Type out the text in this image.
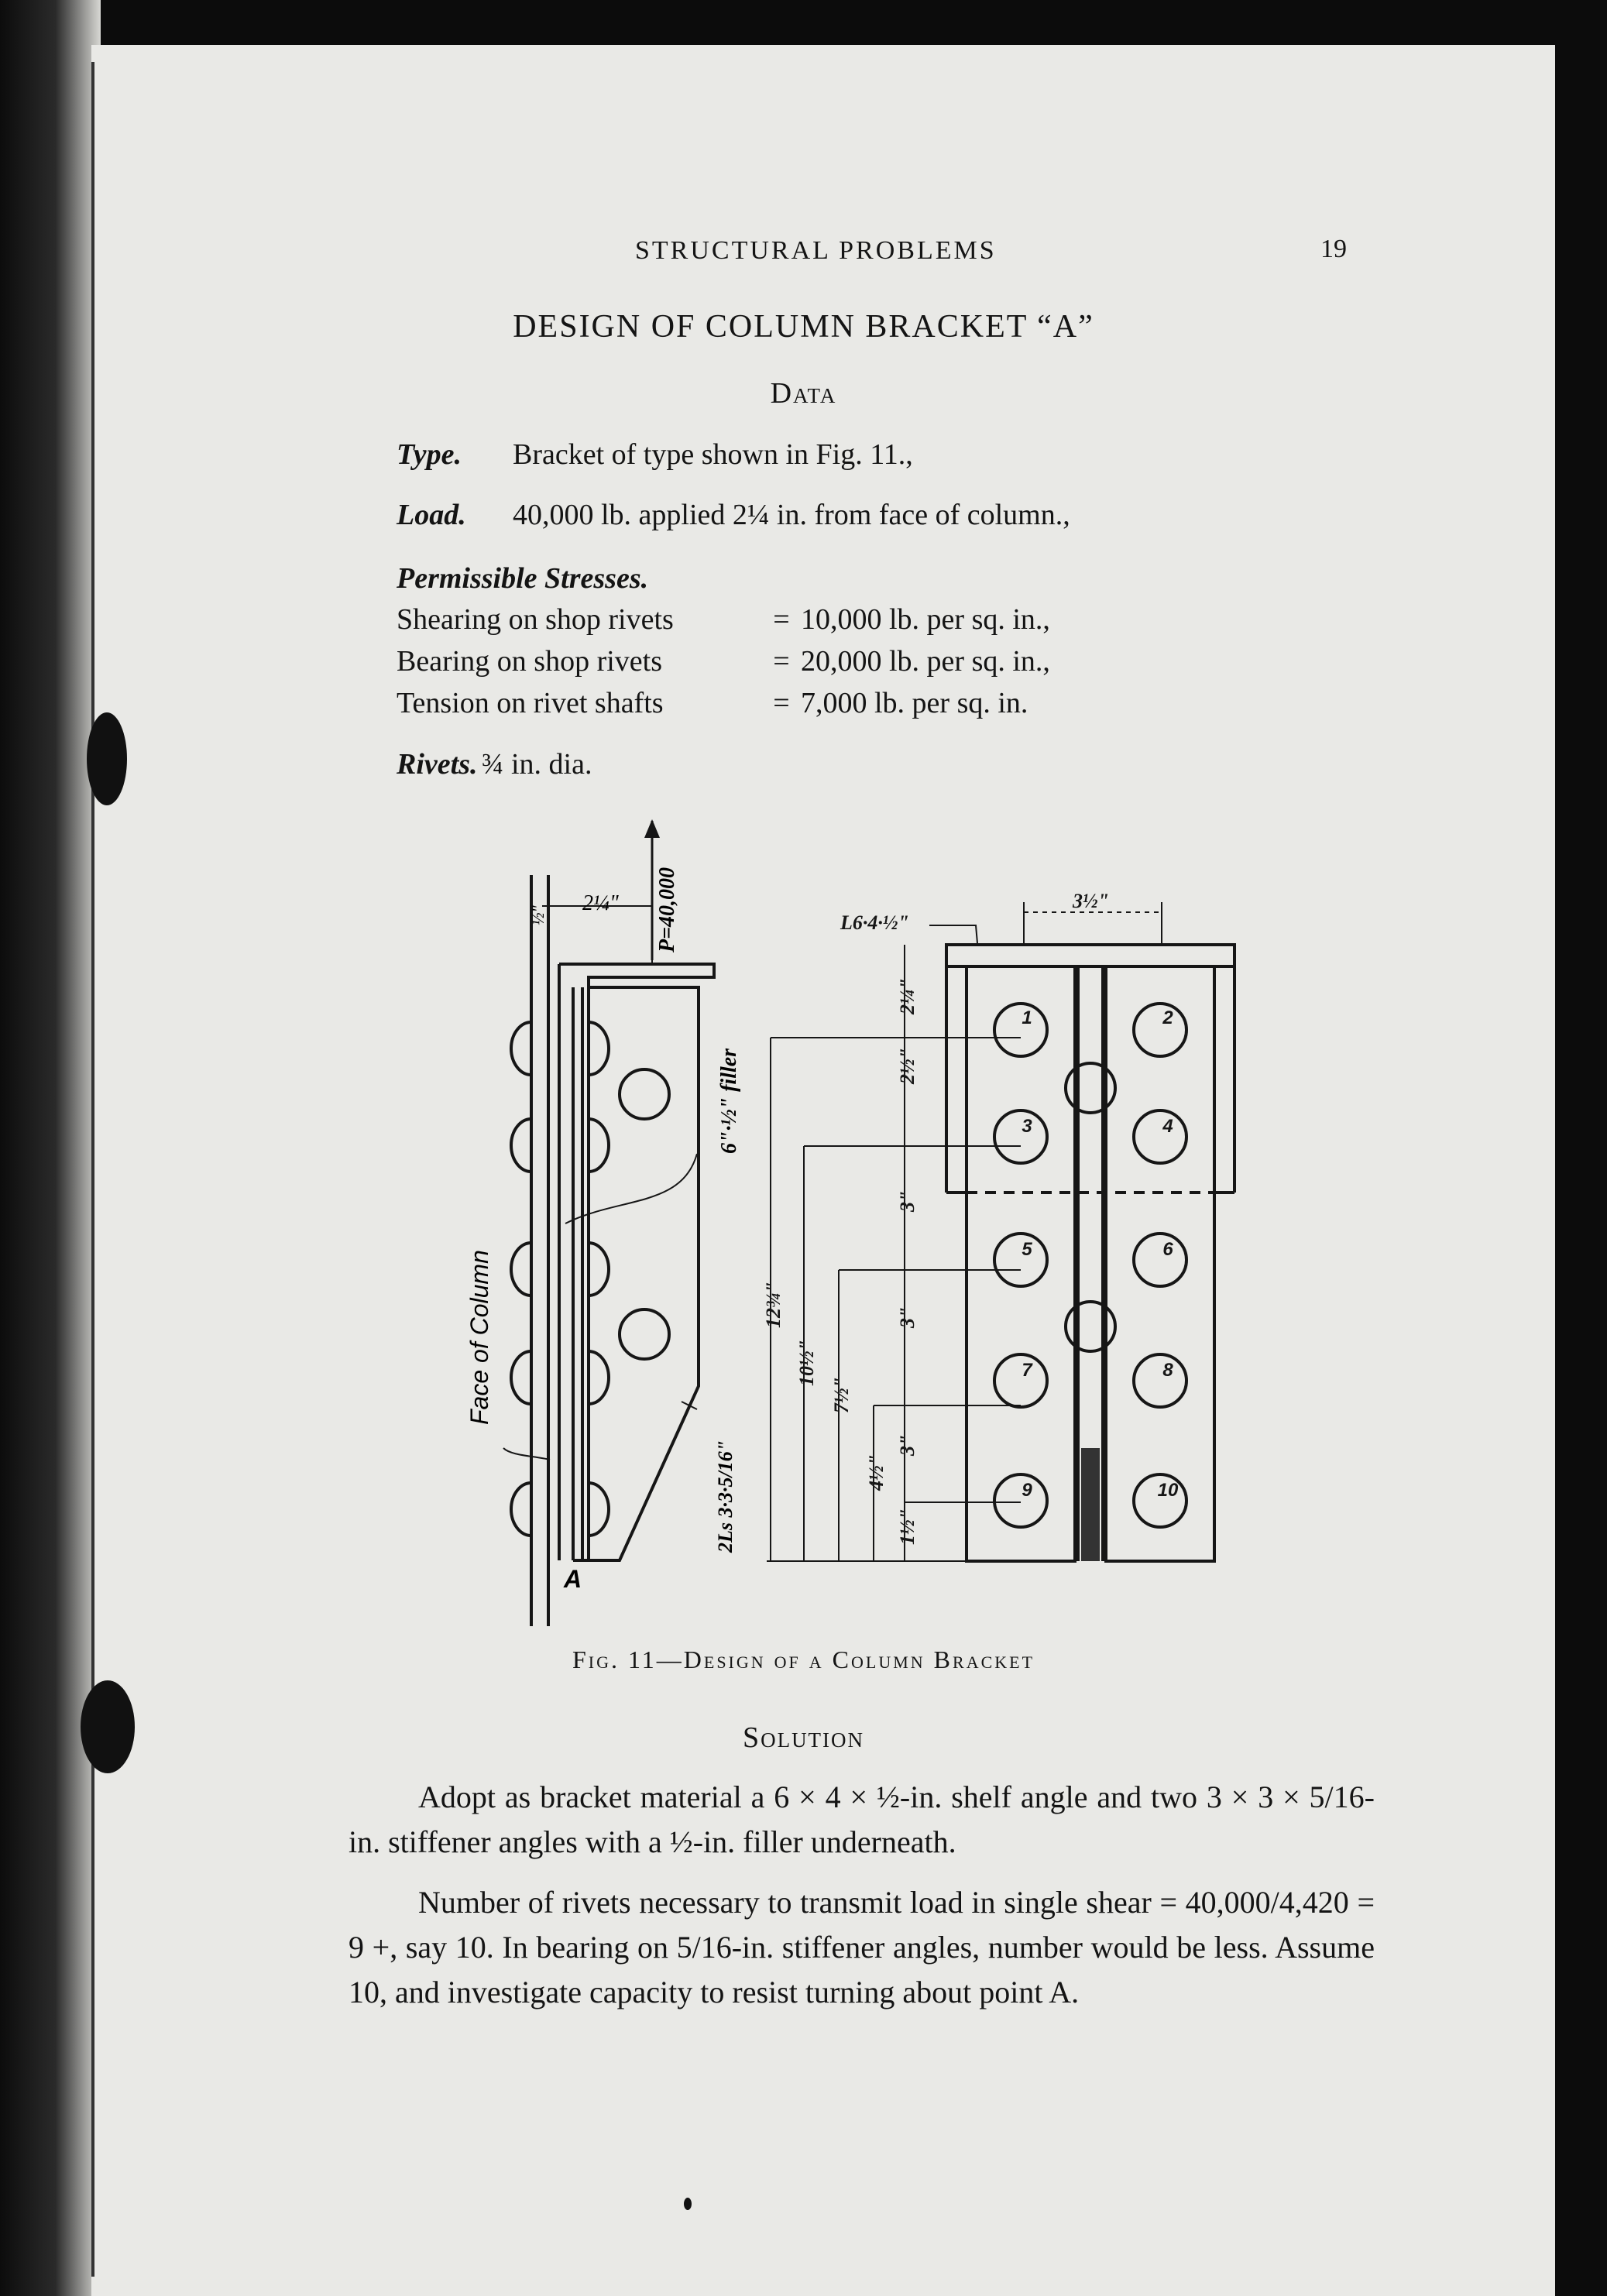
STRUCTURAL PROBLEMS	19
DESIGN OF COLUMN BRACKET “A”
Data
Type. Bracket of type shown in Fig. 11.,
Load. 40,000 lb. applied 2¼ in. from face of column.,
Permissible Stresses.
Shearing on shop rivets	= 10,000 lb. per sq. in.,
Bearing on shop rivets	= 20,000 lb. per sq. in.,
Tension on rivet shafts	= 7,000 lb. per sq. in.
Rivets. ¾ in. dia.
2¼"
½"	P=40,000
6"·½" filler
2Ls 3·3·5/16"
Face of Column
A
1	2
3	4
5	6
7	8
9	10
L6·4·½"
3½"
2¼"
2½"
3"
3"
3"
1½"
4½"
7½"
10½"
12¾"
Fig. 11—Design of a Column Bracket
Solution
Adopt as bracket material a 6 × 4 × ½-in. shelf angle and two 3 × 3 × 5/16-in. stiffener angles with a ½-in. filler underneath.
Number of rivets necessary to transmit load in single shear = 40,000/4,420 = 9 +, say 10. In bearing on 5/16-in. stiffener angles, number would be less. Assume 10, and investigate capacity to resist turning about point A.
